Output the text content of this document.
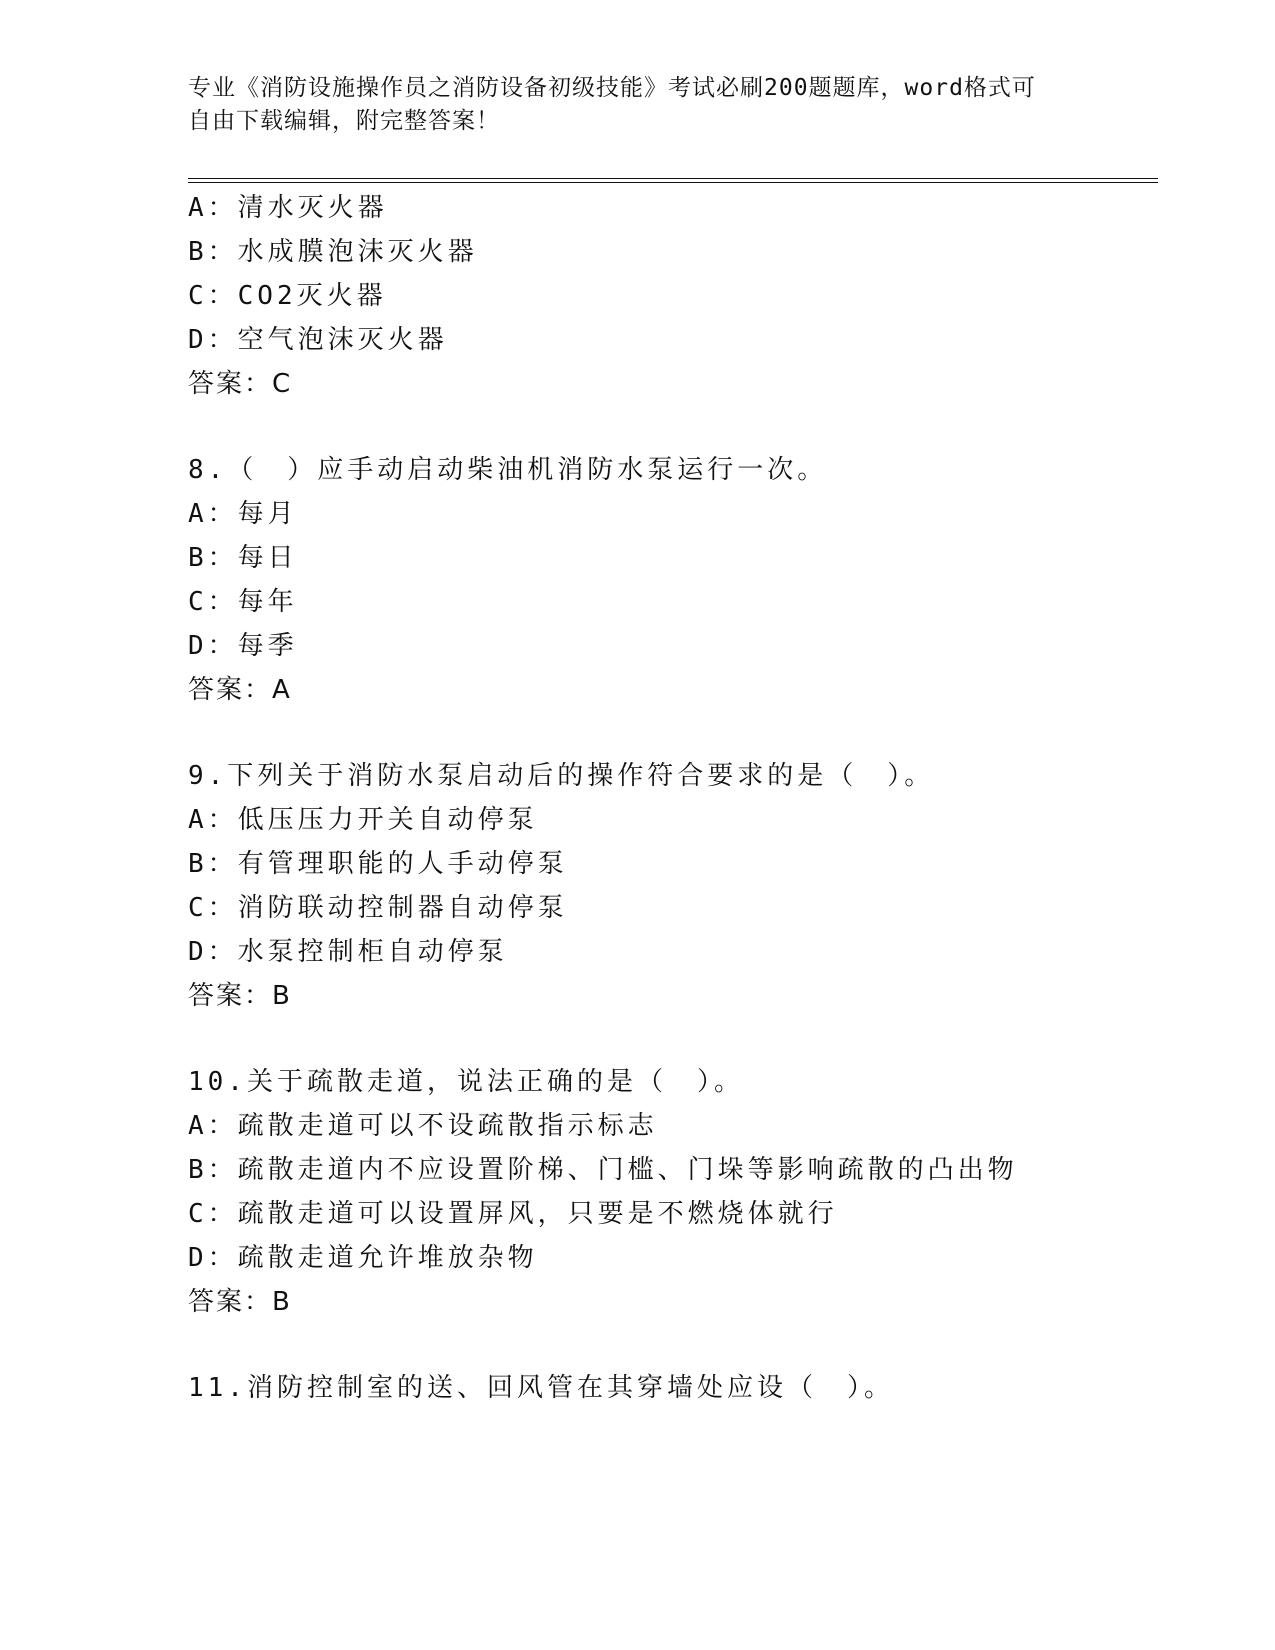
专业《消防设施操作员之消防设备初级技能》考试必刷200题题库，word格式可
自由下载编辑，附完整答案！
A：清水灭火器
B：水成膜泡沫灭火器
C：CO2灭火器
D：空气泡沫灭火器
答案：C
8.（　）应手动启动柴油机消防水泵运行一次。
A：每月
B：每日
C：每年
D：每季
答案：A
9.下列关于消防水泵启动后的操作符合要求的是（　）。
A：低压压力开关自动停泵
B：有管理职能的人手动停泵
C：消防联动控制器自动停泵
D：水泵控制柜自动停泵
答案：B
10.关于疏散走道，说法正确的是（　）。
A：疏散走道可以不设疏散指示标志
B：疏散走道内不应设置阶梯、门槛、门垛等影响疏散的凸出物
C：疏散走道可以设置屏风，只要是不燃烧体就行
D：疏散走道允许堆放杂物
答案：B
11.消防控制室的送、回风管在其穿墙处应设（　）。
